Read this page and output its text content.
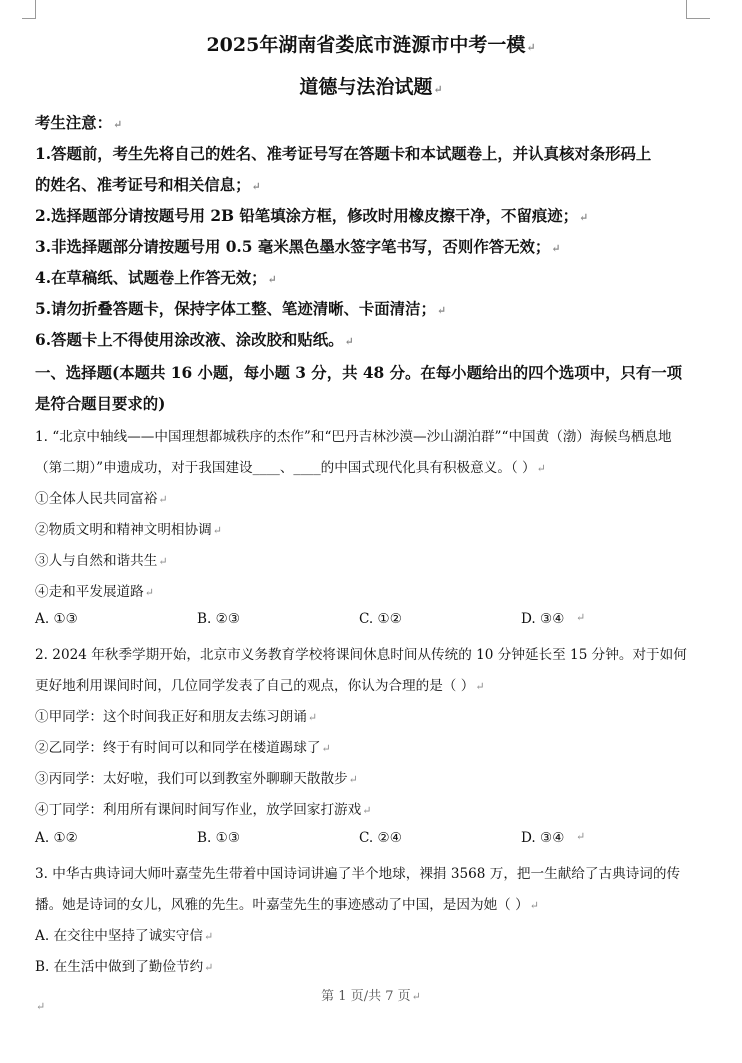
2025年湖南省娄底市涟源市中考一模↵
道德与法治试题↵
考生注意：↵
1.答题前，考生先将自己的姓名、准考证号写在答题卡和本试题卷上，并认真核对条形码上
的姓名、准考证号和相关信息；↵
2.选择题部分请按题号用 2B 铅笔填涂方框，修改时用橡皮擦干净，不留痕迹；↵
3.非选择题部分请按题号用 0.5 毫米黑色墨水签字笔书写，否则作答无效；↵
4.在草稿纸、试题卷上作答无效；↵
5.请勿折叠答题卡，保持字体工整、笔迹清晰、卡面清洁；↵
6.答题卡上不得使用涂改液、涂改胶和贴纸。↵
一、选择题(本题共 16 小题，每小题 3 分，共 48 分。在每小题给出的四个选项中，只有一项
是符合题目要求的)
1. “北京中轴线——中国理想都城秩序的杰作”和“巴丹吉林沙漠—沙山湖泊群”“中国黄（渤）海候鸟栖息地
（第二期）”申遗成功，对于我国建设____、____的中国式现代化具有积极意义。（ ）↵
①全体人民共同富裕↵
②物质文明和精神文明相协调↵
③人与自然和谐共生↵
④走和平发展道路↵
A. ①③	B. ②③	C. ①②	D. ③④ ↵
2. 2024 年秋季学期开始，北京市义务教育学校将课间休息时间从传统的 10 分钟延长至 15 分钟。对于如何
更好地利用课间时间，几位同学发表了自己的观点，你认为合理的是（ ）↵
①甲同学：这个时间我正好和朋友去练习朗诵↵
②乙同学：终于有时间可以和同学在楼道踢球了↵
③丙同学：太好啦，我们可以到教室外聊聊天散散步↵
④丁同学：利用所有课间时间写作业，放学回家打游戏↵
A. ①②	B. ①③	C. ②④	D. ③④ ↵
3. 中华古典诗词大师叶嘉莹先生带着中国诗词讲遍了半个地球，裸捐 3568 万，把一生献给了古典诗词的传
播。她是诗词的女儿，风雅的先生。叶嘉莹先生的事迹感动了中国，是因为她（ ）↵
A. 在交往中坚持了诚实守信↵
B. 在生活中做到了勤俭节约↵
第 1 页/共 7 页↵
↵
